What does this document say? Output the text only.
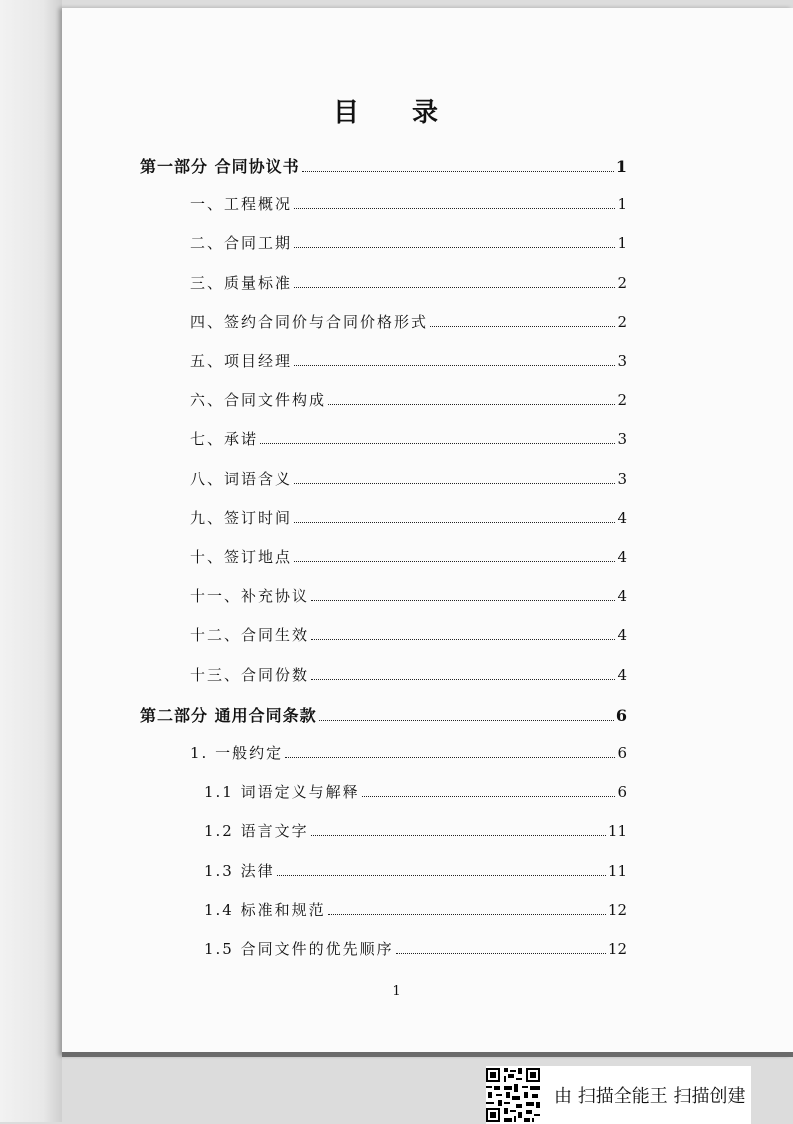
目 录
第一部分 合同协议书	1
一、工程概况	1
二、合同工期	1
三、质量标准	2
四、签约合同价与合同价格形式	2
五、项目经理	3
六、合同文件构成	2
七、承诺	3
八、词语含义	3
九、签订时间	4
十、签订地点	4
十一、补充协议	4
十二、合同生效	4
十三、合同份数	4
第二部分 通用合同条款	6
1. 一般约定	6
1.1 词语定义与解释	6
1.2 语言文字	11
1.3 法律	11
1.4 标准和规范	12
1.5 合同文件的优先顺序	12
1
由 扫描全能王 扫描创建
